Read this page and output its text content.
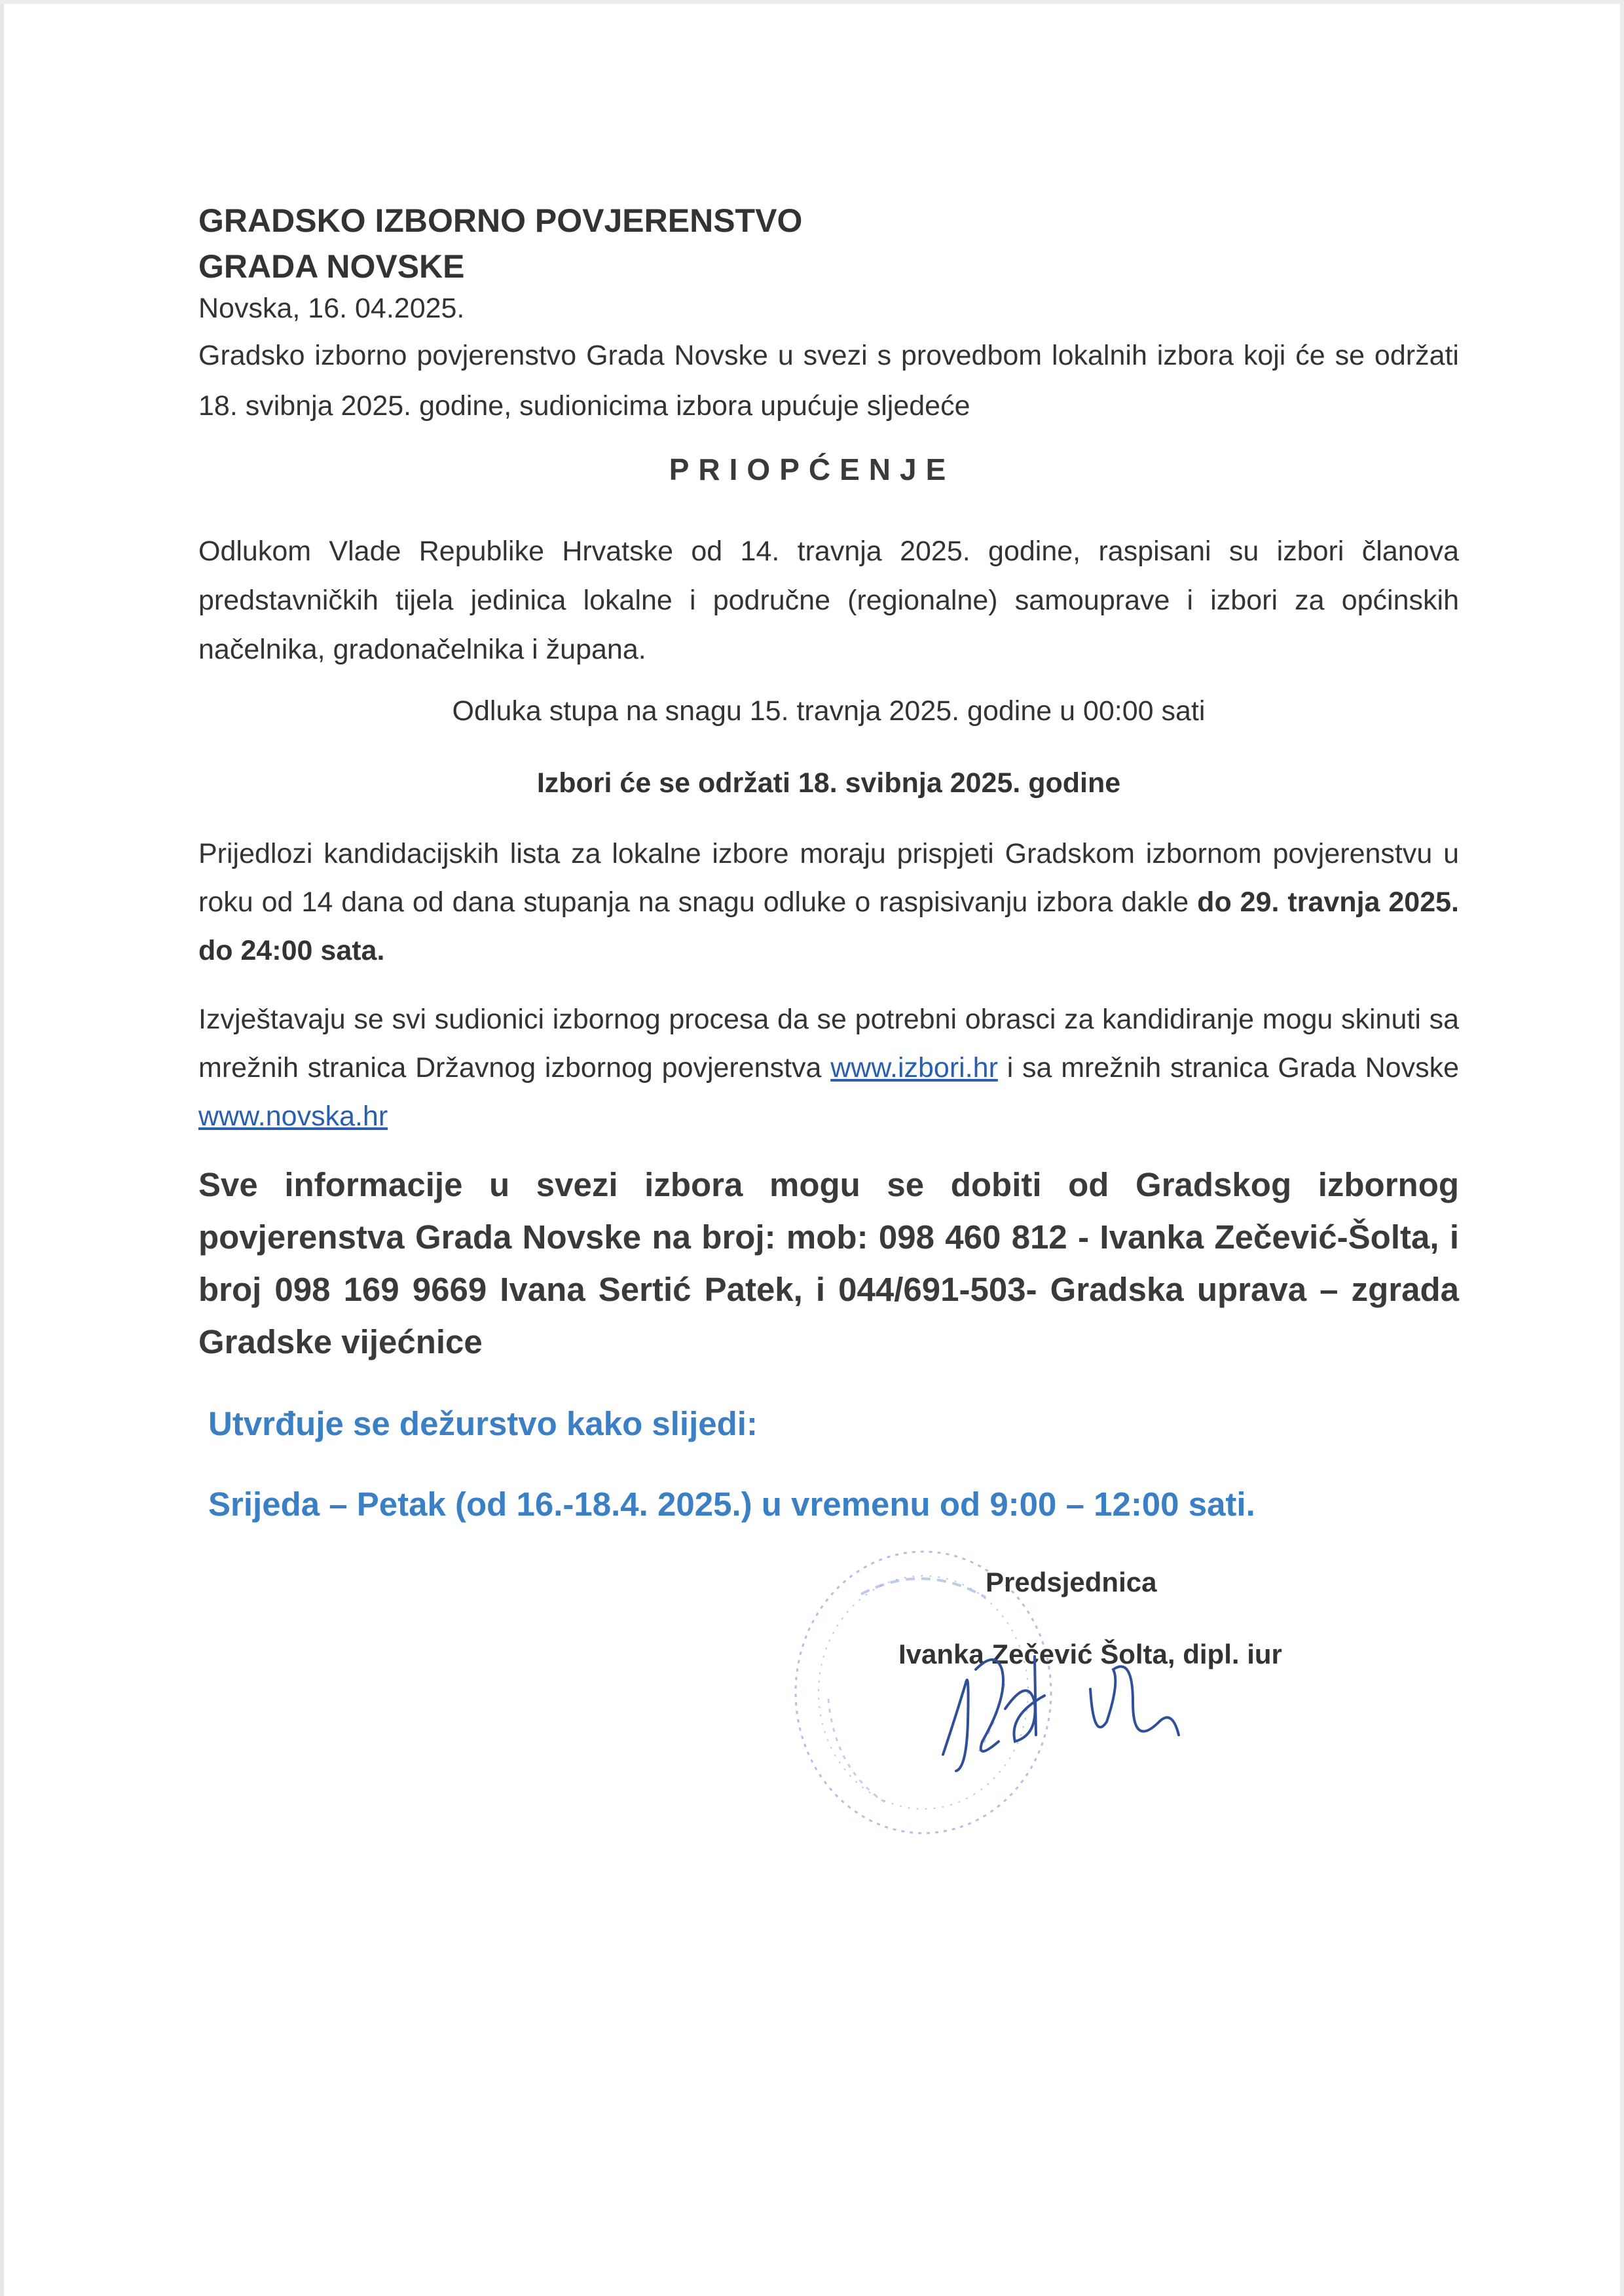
GRADSKO IZBORNO POVJERENSTVO
GRADA NOVSKE
Novska, 16. 04.2025.

Gradsko izborno povjerenstvo Grada Novske u svezi s provedbom lokalnih izbora koji će se održati 18. svibnja 2025. godine, sudionicima izbora upućuje sljedeće

PRIOPĆENJE

Odlukom Vlade Republike Hrvatske od 14. travnja 2025. godine, raspisani su izbori članova predstavničkih tijela jedinica lokalne i područne (regionalne) samouprave i izbori za općinskih načelnika, gradonačelnika i župana.

Odluka stupa na snagu 15. travnja 2025. godine u 00:00 sati
Izbori će se održati 18. svibnja 2025. godine

Prijedlozi kandidacijskih lista za lokalne izbore moraju prispjeti Gradskom izbornom povjerenstvu u roku od 14 dana od dana stupanja na snagu odluke o raspisivanju izbora dakle do 29. travnja 2025. do 24:00 sata.

Izvještavaju se svi sudionici izbornog procesa da se potrebni obrasci za kandidiranje mogu skinuti sa mrežnih stranica Državnog izbornog povjerenstva www.izbori.hr i sa mrežnih stranica Grada Novske www.novska.hr

Sve informacije u svezi izbora mogu se dobiti od Gradskog izbornog povjerenstva Grada Novske na broj: mob: 098 460 812 - Ivanka Zečević-Šolta, i broj 098 169 9669 Ivana Sertić Patek, i 044/691-503- Gradska uprava – zgrada Gradske vijećnice

Utvrđuje se dežurstvo kako slijedi:
Srijeda – Petak (od 16.-18.4. 2025.) u vremenu od 9:00 – 12:00 sati.
Predsjednica
Ivanka Zečević Šolta, dipl. iur
